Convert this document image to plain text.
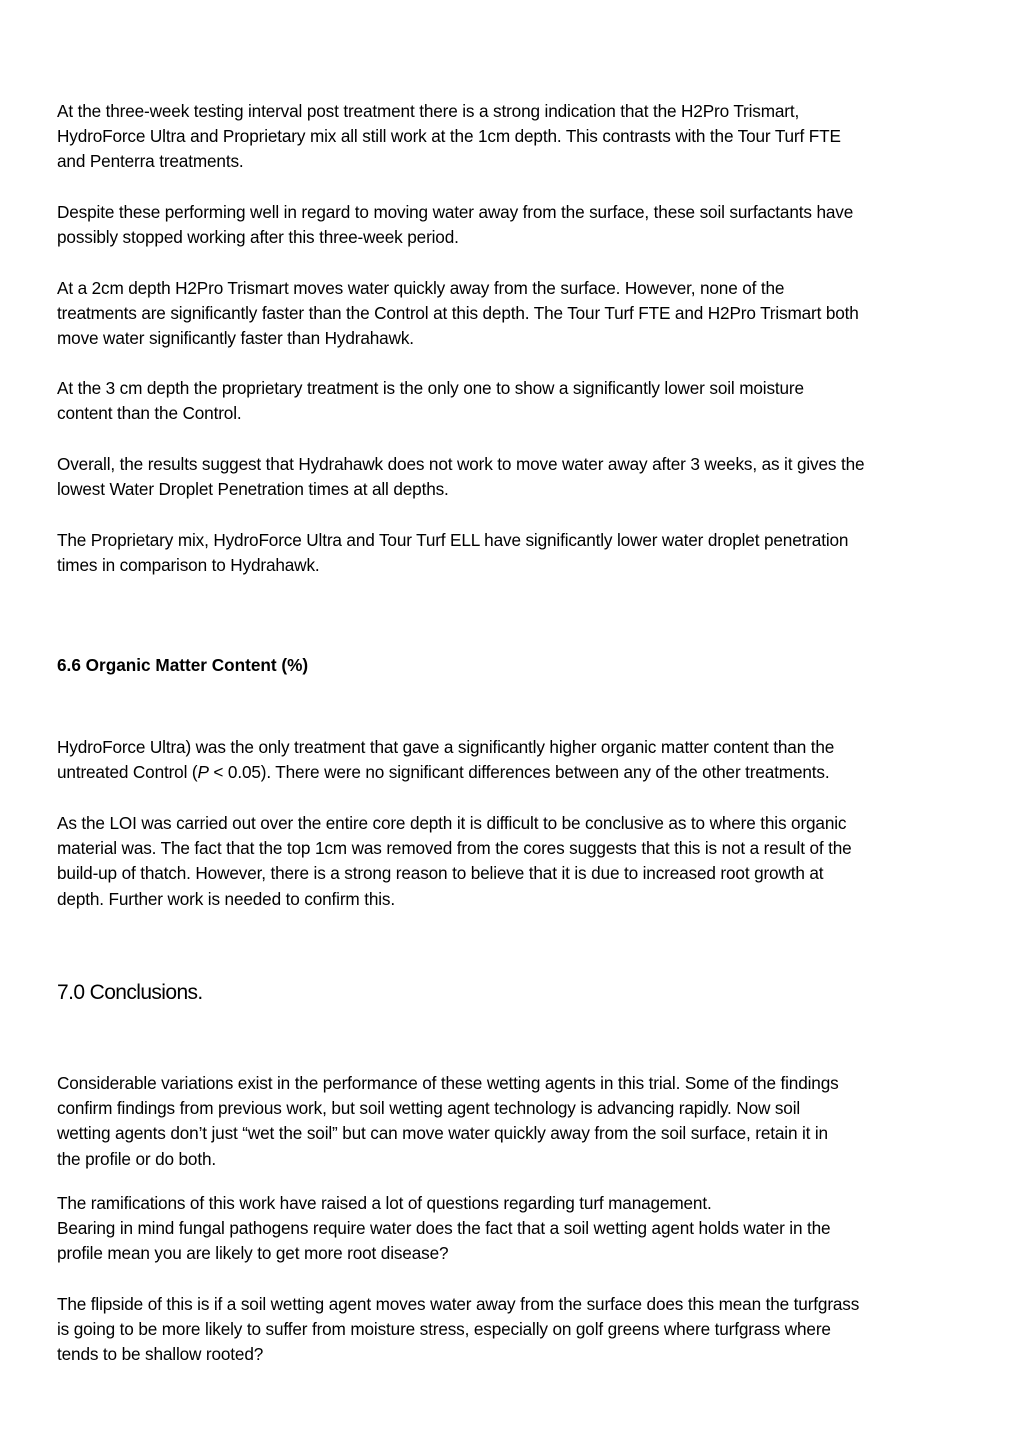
At the three-week testing interval post treatment there is a strong indication that the H2Pro Trismart,
HydroForce Ultra and Proprietary mix all still work at the 1cm depth. This contrasts with the Tour Turf FTE
and Penterra treatments.

Despite these performing well in regard to moving water away from the surface, these soil surfactants have
possibly stopped working after this three-week period.

At a 2cm depth H2Pro Trismart moves water quickly away from the surface. However, none of the
treatments are significantly faster than the Control at this depth. The Tour Turf FTE and H2Pro Trismart both
move water significantly faster than Hydrahawk.

At the 3 cm depth the proprietary treatment is the only one to show a significantly lower soil moisture
content than the Control.

Overall, the results suggest that Hydrahawk does not work to move water away after 3 weeks, as it gives the
lowest Water Droplet Penetration times at all depths.

The Proprietary mix, HydroForce Ultra and Tour Turf ELL have significantly lower water droplet penetration
times in comparison to Hydrahawk.

6.6 Organic Matter Content (%)

HydroForce Ultra) was the only treatment that gave a significantly higher organic matter content than the
untreated Control (P < 0.05). There were no significant differences between any of the other treatments.

As the LOI was carried out over the entire core depth it is difficult to be conclusive as to where this organic
material was. The fact that the top 1cm was removed from the cores suggests that this is not a result of the
build-up of thatch. However, there is a strong reason to believe that it is due to increased root growth at
depth. Further work is needed to confirm this.

7.0 Conclusions.

Considerable variations exist in the performance of these wetting agents in this trial. Some of the findings
confirm findings from previous work, but soil wetting agent technology is advancing rapidly. Now soil
wetting agents don’t just “wet the soil” but can move water quickly away from the soil surface, retain it in
the profile or do both.

The ramifications of this work have raised a lot of questions regarding turf management.
Bearing in mind fungal pathogens require water does the fact that a soil wetting agent holds water in the
profile mean you are likely to get more root disease?

The flipside of this is if a soil wetting agent moves water away from the surface does this mean the turfgrass
is going to be more likely to suffer from moisture stress, especially on golf greens where turfgrass where
tends to be shallow rooted?
